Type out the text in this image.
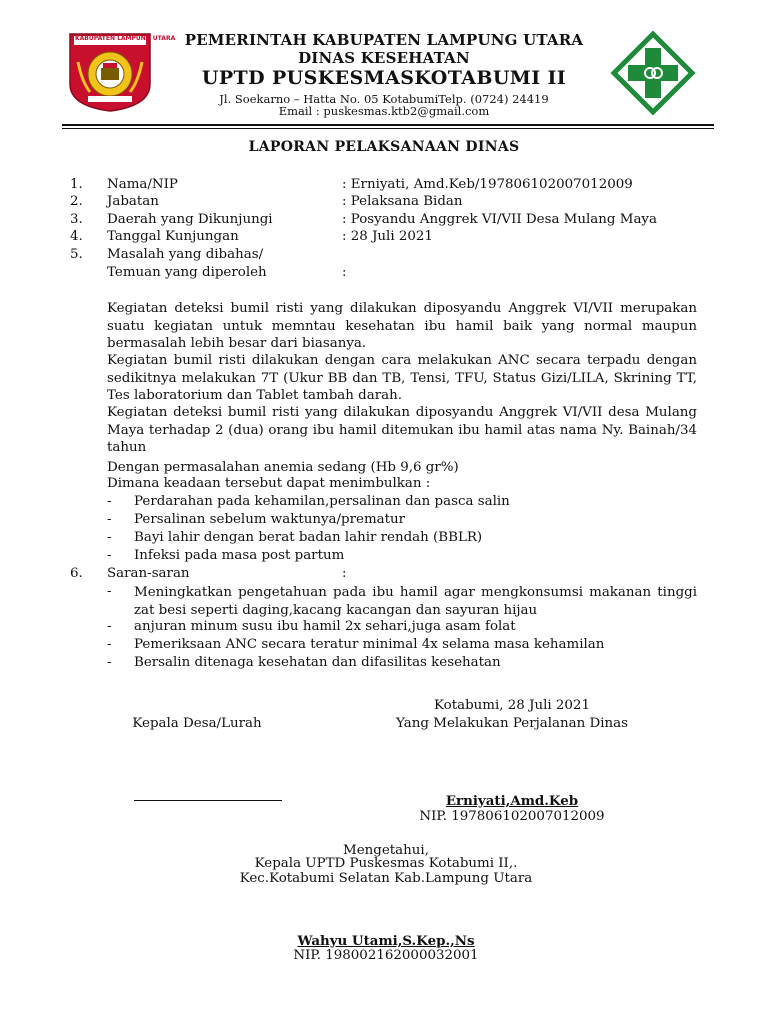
KABUPATEN LAMPUNG UTARA PEMERINTAH KABUPATEN LAMPUNG UTARA
DINAS KESEHATAN
UPTD PUSKESMASKOTABUMI II
Jl. Soekarno – Hatta No. 05 KotabumiTelp. (0724) 24419
Email : puskesmas.ktb2@gmail.com
LAPORAN PELAKSANAAN DINAS
1. Nama/NIP	: Erniyati, Amd.Keb/197806102007012009
2. Jabatan	: Pelaksana Bidan
3. Daerah yang Dikunjungi	: Posyandu Anggrek VI/VII Desa Mulang Maya
4. Tanggal Kunjungan	: 28 Juli 2021
5. Masalah yang dibahas/
Temuan yang diperoleh	:

Kegiatan deteksi bumil risti yang dilakukan diposyandu Anggrek VI/VII merupakan suatu kegiatan untuk memntau kesehatan ibu hamil baik yang normal maupun bermasalah lebih besar dari biasanya.

Kegiatan bumil risti dilakukan dengan cara melakukan ANC secara terpadu dengan sedikitnya melakukan 7T (Ukur BB dan TB, Tensi, TFU, Status Gizi/LILA, Skrining TT, Tes laboratorium dan Tablet tambah darah.

Kegiatan deteksi bumil risti yang dilakukan diposyandu Anggrek VI/VII desa Mulang Maya terhadap 2 (dua) orang ibu hamil ditemukan ibu hamil atas nama Ny. Bainah/34 tahun

Dengan permasalahan anemia sedang (Hb 9,6 gr%)

Dimana keadaan tersebut dapat menimbulkan :
- Perdarahan pada kehamilan,persalinan dan pasca salin
- Persalinan sebelum waktunya/prematur
- Bayi lahir dengan berat badan lahir rendah (BBLR)
- Infeksi pada masa post partum
6. Saran-saran	:
- Meningkatkan pengetahuan pada ibu hamil agar mengkonsumsi makanan tinggi zat besi seperti daging,kacang kacangan dan sayuran hijau
- anjuran minum susu ibu hamil 2x sehari,juga asam folat
- Pemeriksaan ANC secara teratur minimal 4x selama masa kehamilan
- Bersalin ditenaga kesehatan dan difasilitas kesehatan
Kotabumi, 28 Juli 2021
Yang Melakukan Perjalanan Dinas
Kepala Desa/Lurah
Erniyati,Amd.Keb
NIP. 197806102007012009
Mengetahui,
Kepala UPTD Puskesmas Kotabumi II,.
Kec.Kotabumi Selatan Kab.Lampung Utara
Wahyu Utami,S.Kep.,Ns
NIP. 198002162000032001
